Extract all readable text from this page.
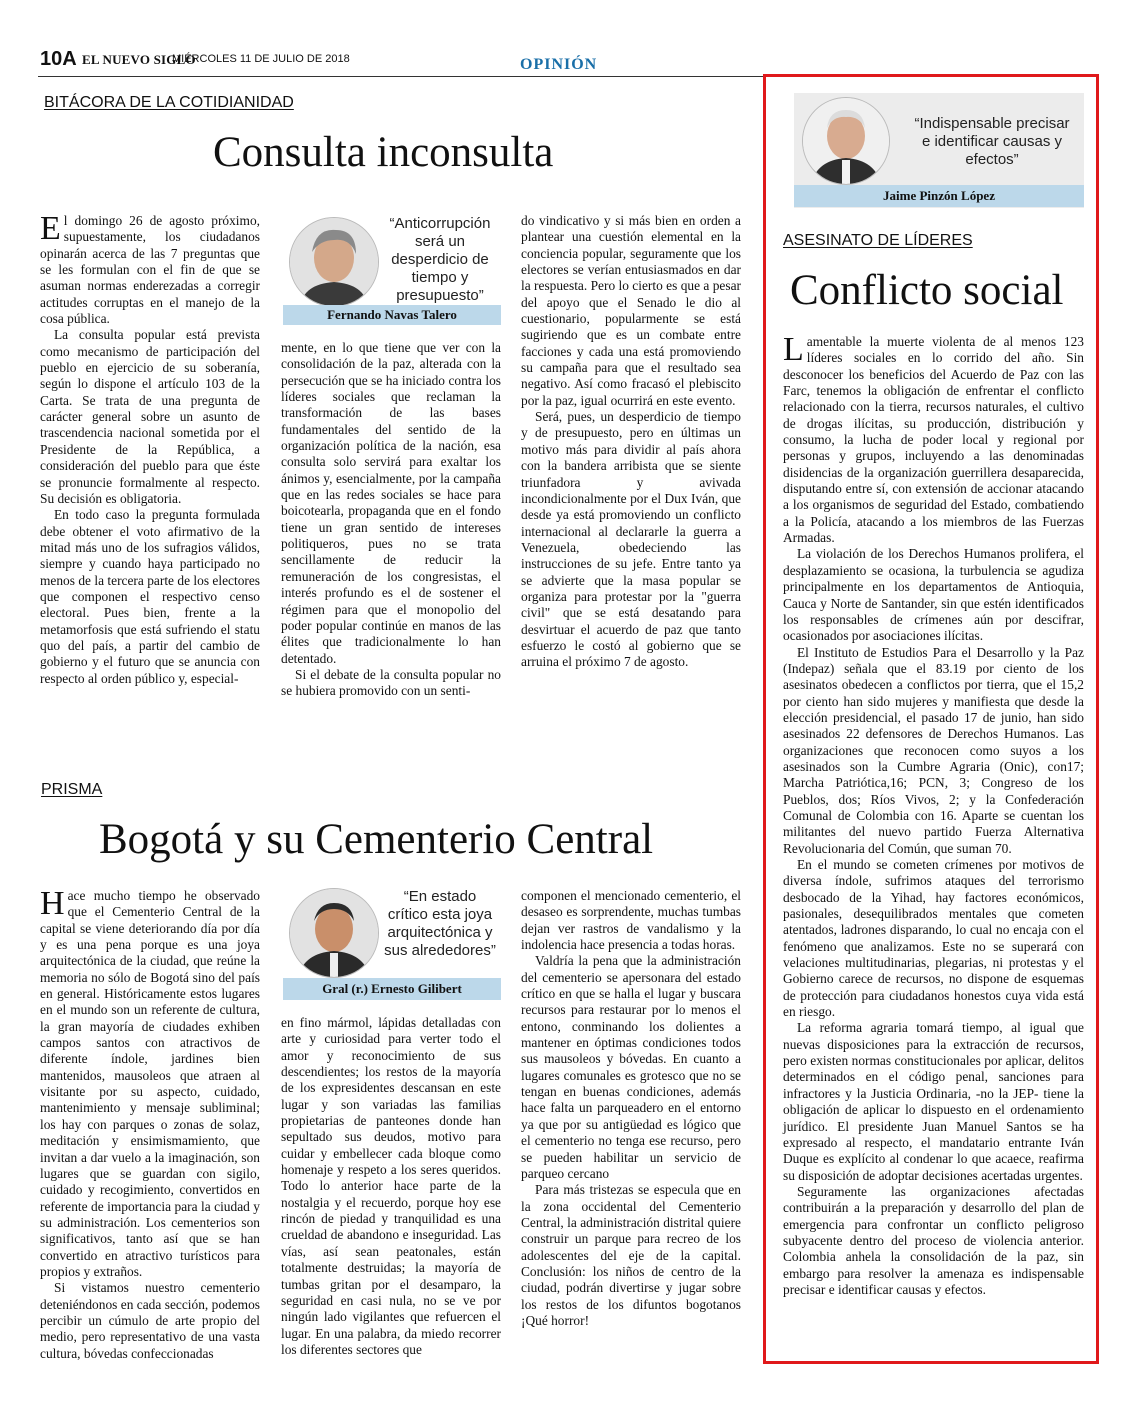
10A EL NUEVO SIGLO
MIÉRCOLES 11 DE JULIO DE 2018	OPINIÓN
BITÁCORA DE LA COTIDIANIDAD
Consulta inconsulta

El domingo 26 de agosto próximo, supuestamente, los ciudadanos opinarán acerca de las 7 preguntas que se les formulan con el fin de que se asuman normas enderezadas a corregir actitudes corruptas en el manejo de la cosa pública.

La consulta popular está prevista como mecanismo de participación del pueblo en ejercicio de su soberanía, según lo dispone el artículo 103 de la Carta. Se trata de una pregunta de carácter general sobre un asunto de trascendencia nacional sometida por el Presidente de la República, a consideración del pueblo para que éste se pronuncie formalmente al respecto. Su decisión es obligatoria.

En todo caso la pregunta formulada debe obtener el voto afirmativo de la mitad más uno de los sufragios válidos, siempre y cuando haya participado no menos de la tercera parte de los electores que componen el respectivo censo electoral. Pues bien, frente a la metamorfosis que está sufriendo el statu quo del país, a partir del cambio de gobierno y el futuro que se anuncia con respecto al orden público y, especial-

“Anticorrupción será un desperdicio de tiempo y presupuesto”
Fernando Navas Talero

mente, en lo que tiene que ver con la consolidación de la paz, alterada con la persecución que se ha iniciado contra los líderes sociales que reclaman la transformación de las bases fundamentales del sentido de la organización política de la nación, esa consulta solo servirá para exaltar los ánimos y, esencialmente, por la campaña que en las redes sociales se hace para boicotearla, propaganda que en el fondo tiene un gran sentido de intereses politiqueros, pues no se trata sencillamente de reducir la remuneración de los congresistas, el interés profundo es el de sostener el régimen para que el monopolio del poder popular continúe en manos de las élites que tradicionalmente lo han detentado.

Si el debate de la consulta popular no se hubiera promovido con un senti-

do vindicativo y si más bien en orden a plantear una cuestión elemental en la conciencia popular, seguramente que los electores se verían entusiasmados en dar la respuesta. Pero lo cierto es que a pesar del apoyo que el Senado le dio al cuestionario, popularmente se está sugiriendo que es un combate entre facciones y cada una está promoviendo su campaña para que el resultado sea negativo. Así como fracasó el plebiscito por la paz, igual ocurrirá en este evento.

Será, pues, un desperdicio de tiempo y de presupuesto, pero en últimas un motivo más para dividir al país ahora con la bandera arribista que se siente triunfadora y avivada incondicionalmente por el Dux Iván, que desde ya está promoviendo un conflicto internacional al declararle la guerra a Venezuela, obedeciendo las instrucciones de su jefe. Entre tanto ya se advierte que la masa popular se organiza para protestar por la "guerra civil" que se está desatando para desvirtuar el acuerdo de paz que tanto esfuerzo le costó al gobierno que se arruina el próximo 7 de agosto.

PRISMA
Bogotá y su Cementerio Central

Hace mucho tiempo he observado que el Cementerio Central de la capital se viene deteriorando día por día y es una pena porque es una joya arquitectónica de la ciudad, que reúne la memoria no sólo de Bogotá sino del país en general. Históricamente estos lugares en el mundo son un referente de cultura, la gran mayoría de ciudades exhiben campos santos con atractivos de diferente índole, jardines bien mantenidos, mausoleos que atraen al visitante por su aspecto, cuidado, mantenimiento y mensaje subliminal; los hay con parques o zonas de solaz, meditación y ensimismamiento, que invitan a dar vuelo a la imaginación, son lugares que se guardan con sigilo, cuidado y recogimiento, convertidos en referente de importancia para la ciudad y su administración. Los cementerios son significativos, tanto así que se han convertido en atractivo turísticos para propios y extraños.

Si vistamos nuestro cementerio deteniéndonos en cada sección, podemos percibir un cúmulo de arte propio del medio, pero representativo de una vasta cultura, bóvedas confeccionadas

“En estado crítico esta joya arquitectónica y sus alrededores”
Gral (r.) Ernesto Gilibert

en fino mármol, lápidas detalladas con arte y curiosidad para verter todo el amor y reconocimiento de sus descendientes; los restos de la mayoría de los expresidentes descansan en este lugar y son variadas las familias propietarias de panteones donde han sepultado sus deudos, motivo para cuidar y embellecer cada bloque como homenaje y respeto a los seres queridos. Todo lo anterior hace parte de la nostalgia y el recuerdo, porque hoy ese rincón de piedad y tranquilidad es una crueldad de abandono e inseguridad. Las vías, así sean peatonales, están totalmente destruidas; la mayoría de tumbas gritan por el desamparo, la seguridad en casi nula, no se ve por ningún lado vigilantes que refuercen el lugar. En una palabra, da miedo recorrer los diferentes sectores que

componen el mencionado cementerio, el desaseo es sorprendente, muchas tumbas dejan ver rastros de vandalismo y la indolencia hace presencia a todas horas.

Valdría la pena que la administración del cementerio se apersonara del estado crítico en que se halla el lugar y buscara recursos para restaurar por lo menos el entono, conminando los dolientes a mantener en óptimas condiciones todos sus mausoleos y bóvedas. En cuanto a lugares comunales es grotesco que no se tengan en buenas condiciones, además hace falta un parqueadero en el entorno ya que por su antigüedad es lógico que el cementerio no tenga ese recurso, pero se pueden habilitar un servicio de parqueo cercano

Para más tristezas se especula que en la zona occidental del Cementerio Central, la administración distrital quiere construir un parque para recreo de los adolescentes del eje de la capital. Conclusión: los niños de centro de la ciudad, podrán divertirse y jugar sobre los restos de los difuntos bogotanos ¡Qué horror!

“Indispensable precisar e identificar causas y efectos”
Jaime Pinzón López
ASESINATO DE LÍDERES
Conflicto social

Lamentable la muerte violenta de al menos 123 líderes sociales en lo corrido del año. Sin desconocer los beneficios del Acuerdo de Paz con las Farc, tenemos la obligación de enfrentar el conflicto relacionado con la tierra, recursos naturales, el cultivo de drogas ilícitas, su producción, distribución y consumo, la lucha de poder local y regional por personas y grupos, incluyendo a las denominadas disidencias de la organización guerrillera desaparecida, disputando entre sí, con extensión de accionar atacando a los organismos de seguridad del Estado, combatiendo a la Policía, atacando a los miembros de las Fuerzas Armadas.

La violación de los Derechos Humanos prolifera, el desplazamiento se ocasiona, la turbulencia se agudiza principalmente en los departamentos de Antioquia, Cauca y Norte de Santander, sin que estén identificados los responsables de crímenes aún por descifrar, ocasionados por asociaciones ilícitas.

El Instituto de Estudios Para el Desarrollo y la Paz (Indepaz) señala que el 83.19 por ciento de los asesinatos obedecen a conflictos por tierra, que el 15,2 por ciento han sido mujeres y manifiesta que desde la elección presidencial, el pasado 17 de junio, han sido asesinados 22 defensores de Derechos Humanos. Las organizaciones que reconocen como suyos a los asesinados son la Cumbre Agraria (Onic), con17; Marcha Patriótica,16; PCN, 3; Congreso de los Pueblos, dos; Ríos Vivos, 2; y la Confederación Comunal de Colombia con 16. Aparte se cuentan los militantes del nuevo partido Fuerza Alternativa Revolucionaria del Común, que suman 70.

En el mundo se cometen crímenes por motivos de diversa índole, sufrimos ataques del terrorismo desbocado de la Yihad, hay factores económicos, pasionales, desequilibrados mentales que cometen atentados, ladrones disparando, lo cual no encaja con el fenómeno que analizamos. Este no se superará con velaciones multitudinarias, plegarias, ni protestas y el Gobierno carece de recursos, no dispone de esquemas de protección para ciudadanos honestos cuya vida está en riesgo.

La reforma agraria tomará tiempo, al igual que nuevas disposiciones para la extracción de recursos, pero existen normas constitucionales por aplicar, delitos determinados en el código penal, sanciones para infractores y la Justicia Ordinaria, -no la JEP- tiene la obligación de aplicar lo dispuesto en el ordenamiento jurídico. El presidente Juan Manuel Santos se ha expresado al respecto, el mandatario entrante Iván Duque es explícito al condenar lo que acaece, reafirma su disposición de adoptar decisiones acertadas urgentes.

Seguramente las organizaciones afectadas contribuirán a la preparación y desarrollo del plan de emergencia para confrontar un conflicto peligroso subyacente dentro del proceso de violencia anterior. Colombia anhela la consolidación de la paz, sin embargo para resolver la amenaza es indispensable precisar e identificar causas y efectos.
